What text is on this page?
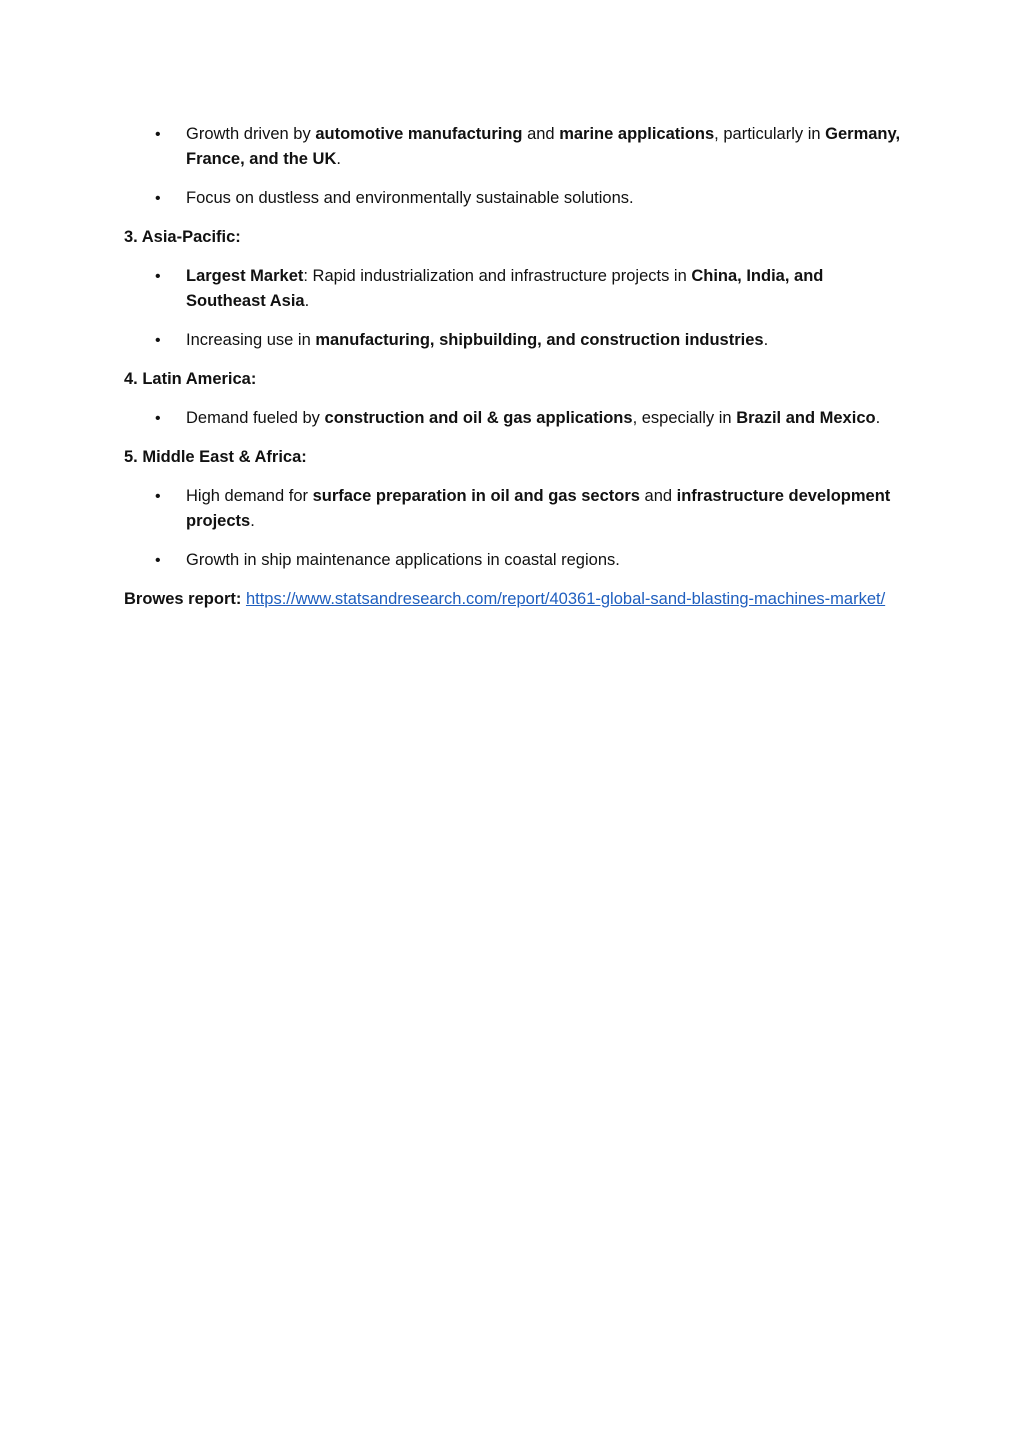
• Growth driven by automotive manufacturing and marine applications, particularly in Germany, France, and the UK.
• Focus on dustless and environmentally sustainable solutions.

3. Asia-Pacific:

• Largest Market: Rapid industrialization and infrastructure projects in China, India, and Southeast Asia.
• Increasing use in manufacturing, shipbuilding, and construction industries.

4. Latin America:

• Demand fueled by construction and oil & gas applications, especially in Brazil and Mexico.

5. Middle East & Africa:

• High demand for surface preparation in oil and gas sectors and infrastructure development projects.
• Growth in ship maintenance applications in coastal regions.

Browes report: https://www.statsandresearch.com/report/40361-global-sand-blasting-machines-market/
